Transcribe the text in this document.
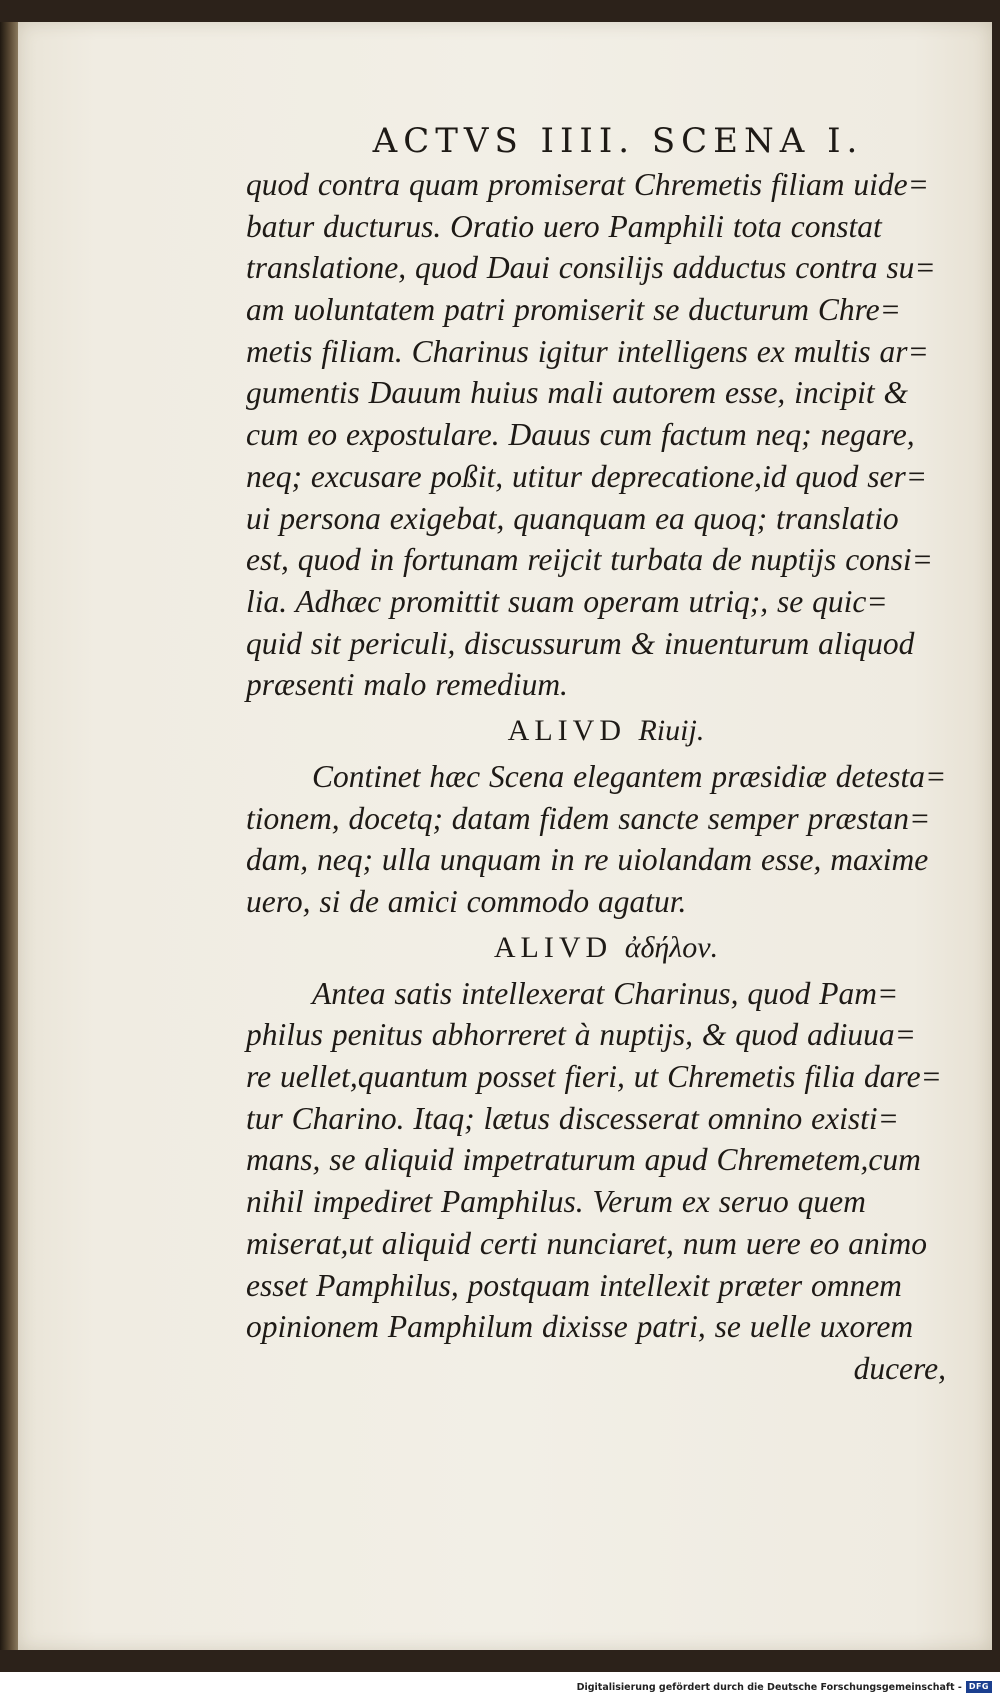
ACTVS IIII. SCENA I.
quod contra quam promiserat Chremetis filiam uide=
batur ducturus. Oratio uero Pamphili tota constat
translatione, quod Daui consilijs adductus contra su=
am uoluntatem patri promiserit se ducturum Chre=
metis filiam. Charinus igitur intelligens ex multis ar=
gumentis Dauum huius mali autorem esse, incipit &
cum eo expostulare. Dauus cum factum neq; negare,
neq; excusare poßit, utitur deprecatione,id quod ser=
ui persona exigebat, quanquam ea quoq; translatio
est, quod in fortunam reijcit turbata de nuptijs consi=
lia. Adhæc promittit suam operam utriq;, se quic=
quid sit periculi, discussurum & inuenturum aliquod
præsenti malo remedium.
ALIVD Riuij.
Continet hæc Scena elegantem præsidiæ detesta=
tionem, docetq; datam fidem sancte semper præstan=
dam, neq; ulla unquam in re uiolandam esse, maxime
uero, si de amici commodo agatur.
ALIVD ἀδήλον.
Antea satis intellexerat Charinus, quod Pam=
philus penitus abhorreret à nuptijs, & quod adiuua=
re uellet,quantum posset fieri, ut Chremetis filia dare=
tur Charino. Itaq; lætus discesserat omnino existi=
mans, se aliquid impetraturum apud Chremetem,cum
nihil impediret Pamphilus. Verum ex seruo quem
miserat,ut aliquid certi nunciaret, num uere eo animo
esset Pamphilus, postquam intellexit præter omnem
opinionem Pamphilum dixisse patri, se uelle uxorem
ducere,
Digitalisierung gefördert durch die Deutsche Forschungsgemeinschaft - DFG
